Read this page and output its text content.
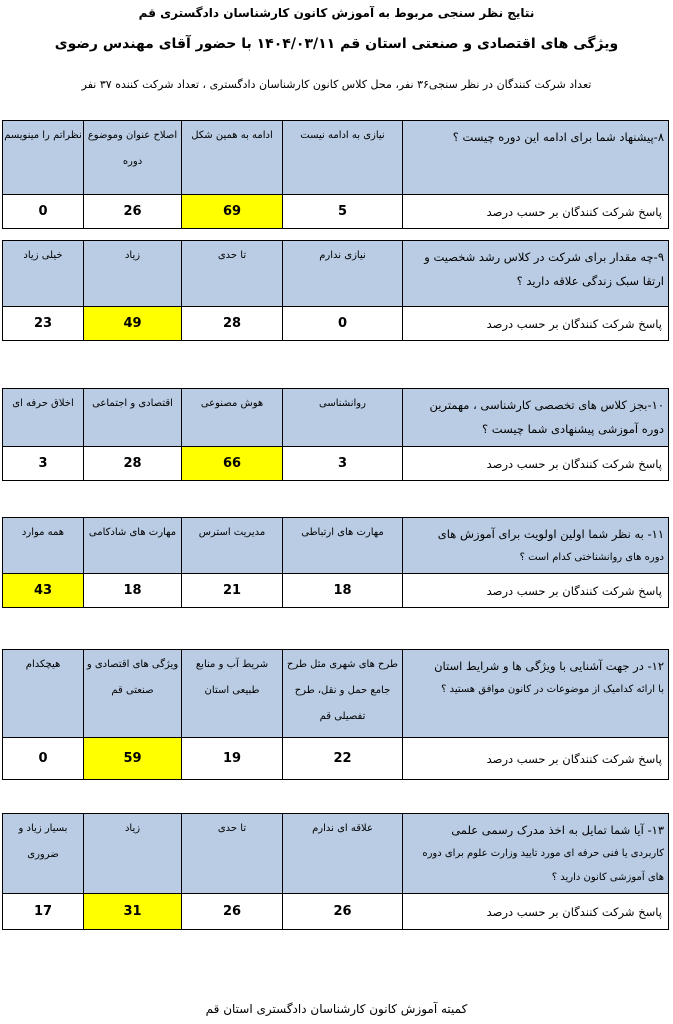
نتایج نظر سنجی مربوط به آموزش کانون کارشناسان دادگستری قم
ویژگی های اقتصادی و صنعتی استان قم ۱۴۰۴/۰۳/۱۱ با حضور آقای مهندس رضوی
تعداد شرکت کنندگان در نظر سنجی۳۶ نفر، محل کلاس کانون کارشناسان دادگستری ، تعداد شرکت کننده ۳۷ نفر
نظراتم را مینویسم	اصلاح عنوان وموضوع دوره	ادامه به همین شکل	نیازی به ادامه نیست	۸-پیشنهاد شما برای ادامه این دوره چیست ؟

0	26	69	5	پاسخ شرکت کنندگان بر حسب درصد
خیلی زیاد	زیاد	تا حدی	نیازی ندارم	۹-چه مقدار برای شرکت در کلاس رشد شخصیت و ارتقا سبک زندگی علاقه دارید ؟

23	49	28	0	پاسخ شرکت کنندگان بر حسب درصد
اخلاق حرفه ای	اقتصادی و اجتماعی	هوش مصنوعی	روانشناسی	۱۰-بجز کلاس های تخصصی کارشناسی ، مهمترین دوره آموزشی پیشنهادی شما چیست ؟

3	28	66	3	پاسخ شرکت کنندگان بر حسب درصد
همه موارد	مهارت های شادکامی	مدیریت استرس	مهارت های ارتباطی	۱۱- به نظر شما اولین اولویت برای آموزش های
دوره های روانشناختی کدام است ؟

43	18	21	18	پاسخ شرکت کنندگان بر حسب درصد
هیچکدام	ویژگی های اقتصادی و صنعتی قم	شریط آب و منابع طبیعی استان	طرح های شهری مثل طرح جامع حمل و نقل، طرح تفصیلی قم	۱۲- در جهت آشنایی با ویژگی ها و شرایط استان
با ارائه کدامیک از موضوعات در کانون موافق هستید ؟

0	59	19	22	پاسخ شرکت کنندگان بر حسب درصد
بسیار زیاد و ضروری	زیاد	تا حدی	علاقه ای ندارم	۱۳- آیا شما تمایل به اخذ مدرک رسمی علمی
کاربردی یا فنی حرفه ای مورد تایید وزارت علوم برای دوره های آموزشی کانون دارید ؟

17	31	26	26	پاسخ شرکت کنندگان بر حسب درصد
کمیته آموزش کانون کارشناسان دادگستری استان قم
